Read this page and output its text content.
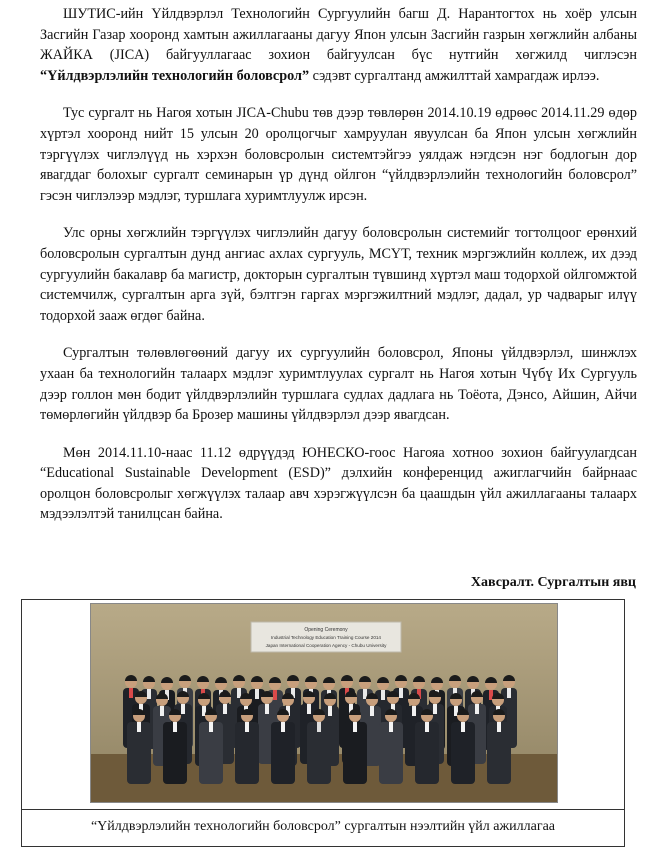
ШУТИС-ийн Үйлдвэрлэл Технологийн Сургуулийн багш Д. Нарантогтох нь хоёр улсын Засгийн Газар хооронд хамтын ажиллагааны дагуу Япон улсын Засгийн газрын хөгжлийн албаны ЖАЙКА (JICA) байгууллагаас зохион байгуулсан бүс нутгийн хөгжилд чиглэсэн “Үйлдвэрлэлийн технологийн боловсрол” сэдэвт сургалтанд амжилттай хамрагдаж ирлээ.

Тус сургалт нь Нагоя хотын JICA-Chubu төв дээр төвлөрөн 2014.10.19 өдрөөс 2014.11.29 өдөр хүртэл хооронд нийт 15 улсын 20 оролцогчыг хамруулан явуулсан ба Япон улсын хөгжлийн тэргүүлэх чиглэлүүд нь хэрхэн боловсролын системтэйгээ уялдаж нэгдсэн нэг бодлогын дор явагддаг болохыг сургалт семинарын үр дүнд ойлгон “үйлдвэрлэлийн технологийн боловсрол” гэсэн чиглэлээр мэдлэг, туршлага хуримтлуулж ирсэн.

Улс орны хөгжлийн тэргүүлэх чиглэлийн дагуу боловсролын системийг тогтолцоог ерөнхий боловсролын сургалтын дунд ангиас ахлах сургууль, МСҮТ, техник мэргэжлийн коллеж, их дээд сургуулийн бакалавр ба магистр, докторын сургалтын түвшинд хүртэл маш тодорхой ойлгомжтой системчилж, сургалтын арга зүй, бэлтгэн гаргах мэргэжилтний мэдлэг, дадал, ур чадварыг илүү тодорхой зааж өгдөг байна.

Сургалтын төлөвлөгөөний дагуу их сургуулийн боловсрол, Японы үйлдвэрлэл, шинжлэх ухаан ба технологийн талаарх мэдлэг хуримтлуулах сургалт нь Нагоя хотын Чүбү Их Сургууль дээр голлон мөн бодит үйлдвэрлэлийн туршлага судлах дадлага нь Тоёота, Дэнсо, Айшин, Айчи төмөрлөгийн үйлдвэр ба Брозер машины үйлдвэрлэл дээр явагдсан.

Мөн 2014.11.10-наас 11.12 өдрүүдэд ЮНЕСКО-гоос Нагояа хотноо зохион байгуулагдсан “Educational Sustainable Development (ESD)” дэлхийн конференцид ажиглагчийн байрнаас оролцон боловсролыг хөгжүүлэх талаар авч хэрэгжүүлсэн ба цаашдын үйл ажиллагааны талаарх мэдээлэлтэй танилцсан байна.

Хавсралт. Сургалтын явц
Opening Ceremony
Industrial Technology Education Training Course 2014
Japan International Cooperation Agency - Chubu University
“Үйлдвэрлэлийн технологийн боловсрол” сургалтын нээлтийн үйл ажиллагаа
